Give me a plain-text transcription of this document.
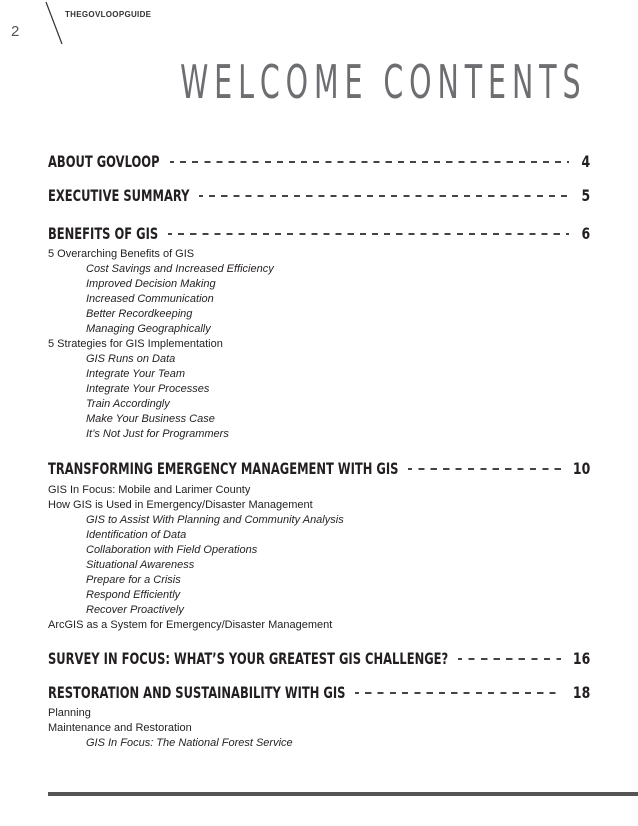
2
THEGOVLOOPGUIDE
WELCOME CONTENTS
ABOUT GOVLOOP	4
EXECUTIVE SUMMARY	5
BENEFITS OF GIS	6
5 Overarching Benefits of GIS
Cost Savings and Increased Efficiency
Improved Decision Making
Increased Communication
Better Recordkeeping
Managing Geographically
5 Strategies for GIS Implementation
GIS Runs on Data
Integrate Your Team
Integrate Your Processes
Train Accordingly
Make Your Business Case
It’s Not Just for Programmers
TRANSFORMING EMERGENCY MANAGEMENT WITH GIS	10
GIS In Focus: Mobile and Larimer County
How GIS is Used in Emergency/Disaster Management
GIS to Assist With Planning and Community Analysis
Identification of Data
Collaboration with Field Operations
Situational Awareness
Prepare for a Crisis
Respond Efficiently
Recover Proactively
ArcGIS as a System for Emergency/Disaster Management
SURVEY IN FOCUS: WHAT’S YOUR GREATEST GIS CHALLENGE?	16
RESTORATION AND SUSTAINABILITY WITH GIS	18
Planning
Maintenance and Restoration
GIS In Focus: The National Forest Service
